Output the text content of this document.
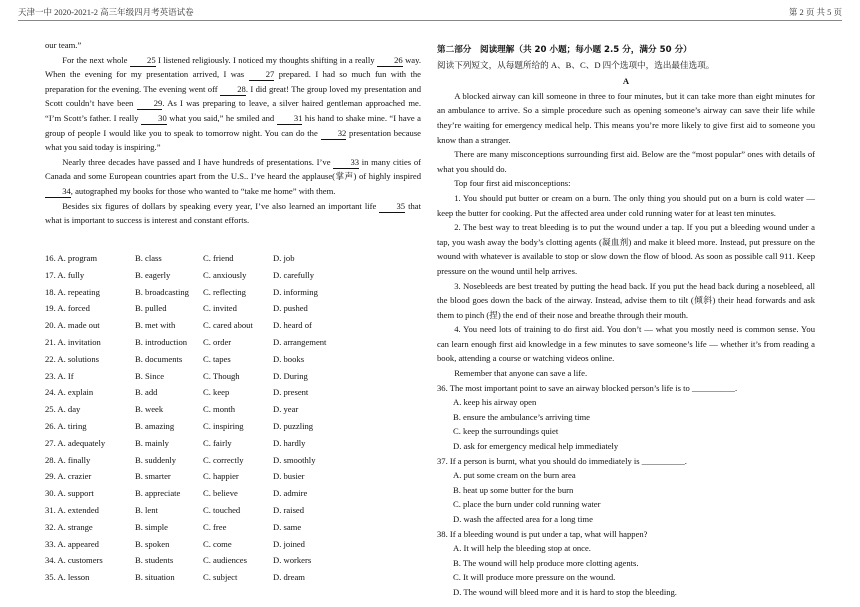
天津一中 2020-2021-2 高三年级四月考英语试卷	第 2 页 共 5 页

our team.”

For the next whole 25 I listened religiously. I noticed my thoughts shifting in a really 26 way. When the evening for my presentation arrived, I was 27 prepared. I had so much fun with the preparation for the evening. The evening went off 28. I did great! The group loved my presentation and Scott couldn’t have been 29. As I was preparing to leave, a silver haired gentleman approached me. “I’m Scott’s father. I really 30 what you said,” he smiled and 31 his hand to shake mine. “I have a group of people I would like you to speak to tomorrow night. You can do the 32 presentation because what you said today is inspiring.”

Nearly three decades have passed and I have hundreds of presentations. I’ve 33 in many cities of Canada and some European countries apart from the U.S.. I’ve heard the applause(掌声) of highly inspired 34, autographed my books for those who wanted to “take me home” with them.

Besides six figures of dollars by speaking every year, I’ve also learned an important life 35 that what is important to success is interest and constant efforts.

16. A. program	B. class	C. friend	D. job
17. A. fully	B. eagerly	C. anxiously	D. carefully
18. A. repeating	B. broadcasting C. reflecting	D. informing
19. A. forced	B. pulled	C. invited	D. pushed
20. A. made out	B. met with	C. cared about D. heard of
21. A. invitation	B. introduction C. order	D. arrangement
22. A. solutions	B. documents C. tapes	D. books
23. A. If	B. Since	C. Though	D. During
24. A. explain	B. add	C. keep	D. present
25. A. day	B. week	C. month	D. year
26. A. tiring	B. amazing	C. inspiring	D. puzzling
27. A. adequately	B. mainly	C. fairly	D. hardly
28. A. finally	B. suddenly	C. correctly	D. smoothly
29. A. crazier	B. smarter	C. happier	D. busier
30. A. support	B. appreciate	C. believe	D. admire
31. A. extended	B. lent	C. touched	D. raised
32. A. strange	B. simple	C. free	D. same
33. A. appeared	B. spoken	C. come	D. joined
34. A. customers	B. students	C. audiences	D. workers
35. A. lesson	B. situation	C. subject	D. dream
第二部分　阅读理解（共 20 小题；每小题 2.5 分，满分 50 分）
阅读下列短文，从每题所给的 A、B、C、D 四个选项中，选出最佳选项。
A

A blocked airway can kill someone in three to four minutes, but it can take more than eight minutes for an ambulance to arrive. So a simple procedure such as opening someone’s airway can save their life while they’re waiting for emergency medical help. This means you’re more likely to give first aid to someone you know than a stranger.

There are many misconceptions surrounding first aid. Below are the “most popular” ones with details of what you should do.

Top four first aid misconceptions:

1. You should put butter or cream on a burn. The only thing you should put on a burn is cold water — keep the butter for cooking. Put the affected area under cold running water for at least ten minutes.

2. The best way to treat bleeding is to put the wound under a tap. If you put a bleeding wound under a tap, you wash away the body’s clotting agents (凝血剂) and make it bleed more. Instead, put pressure on the wound with whatever is available to stop or slow down the flow of blood. As soon as possible call 911. Keep pressure on the wound until help arrives.

3. Nosebleeds are best treated by putting the head back. If you put the head back during a nosebleed, all the blood goes down the back of the airway. Instead, advise them to tilt (倾斜) their head forwards and ask them to pinch (捏) the end of their nose and breathe through their mouth.

4. You need lots of training to do first aid. You don’t — what you mostly need is common sense. You can learn enough first aid knowledge in a few minutes to save someone’s life — whether it’s from reading a book, attending a course or watching videos online.

Remember that anyone can save a life.

36. The most important point to save an airway blocked person’s life is to __________.
A. keep his airway open
B. ensure the ambulance’s arriving time
C. keep the surroundings quiet
D. ask for emergency medical help immediately
37. If a person is burnt, what you should do immediately is __________.
A. put some cream on the burn area
B. heat up some butter for the burn
C. place the burn under cold running water
D. wash the affected area for a long time
38. If a bleeding wound is put under a tap, what will happen?
A. It will help the bleeding stop at once.
B. The wound will help produce more clotting agents.
C. It will produce more pressure on the wound.
D. The wound will bleed more and it is hard to stop the bleeding.
